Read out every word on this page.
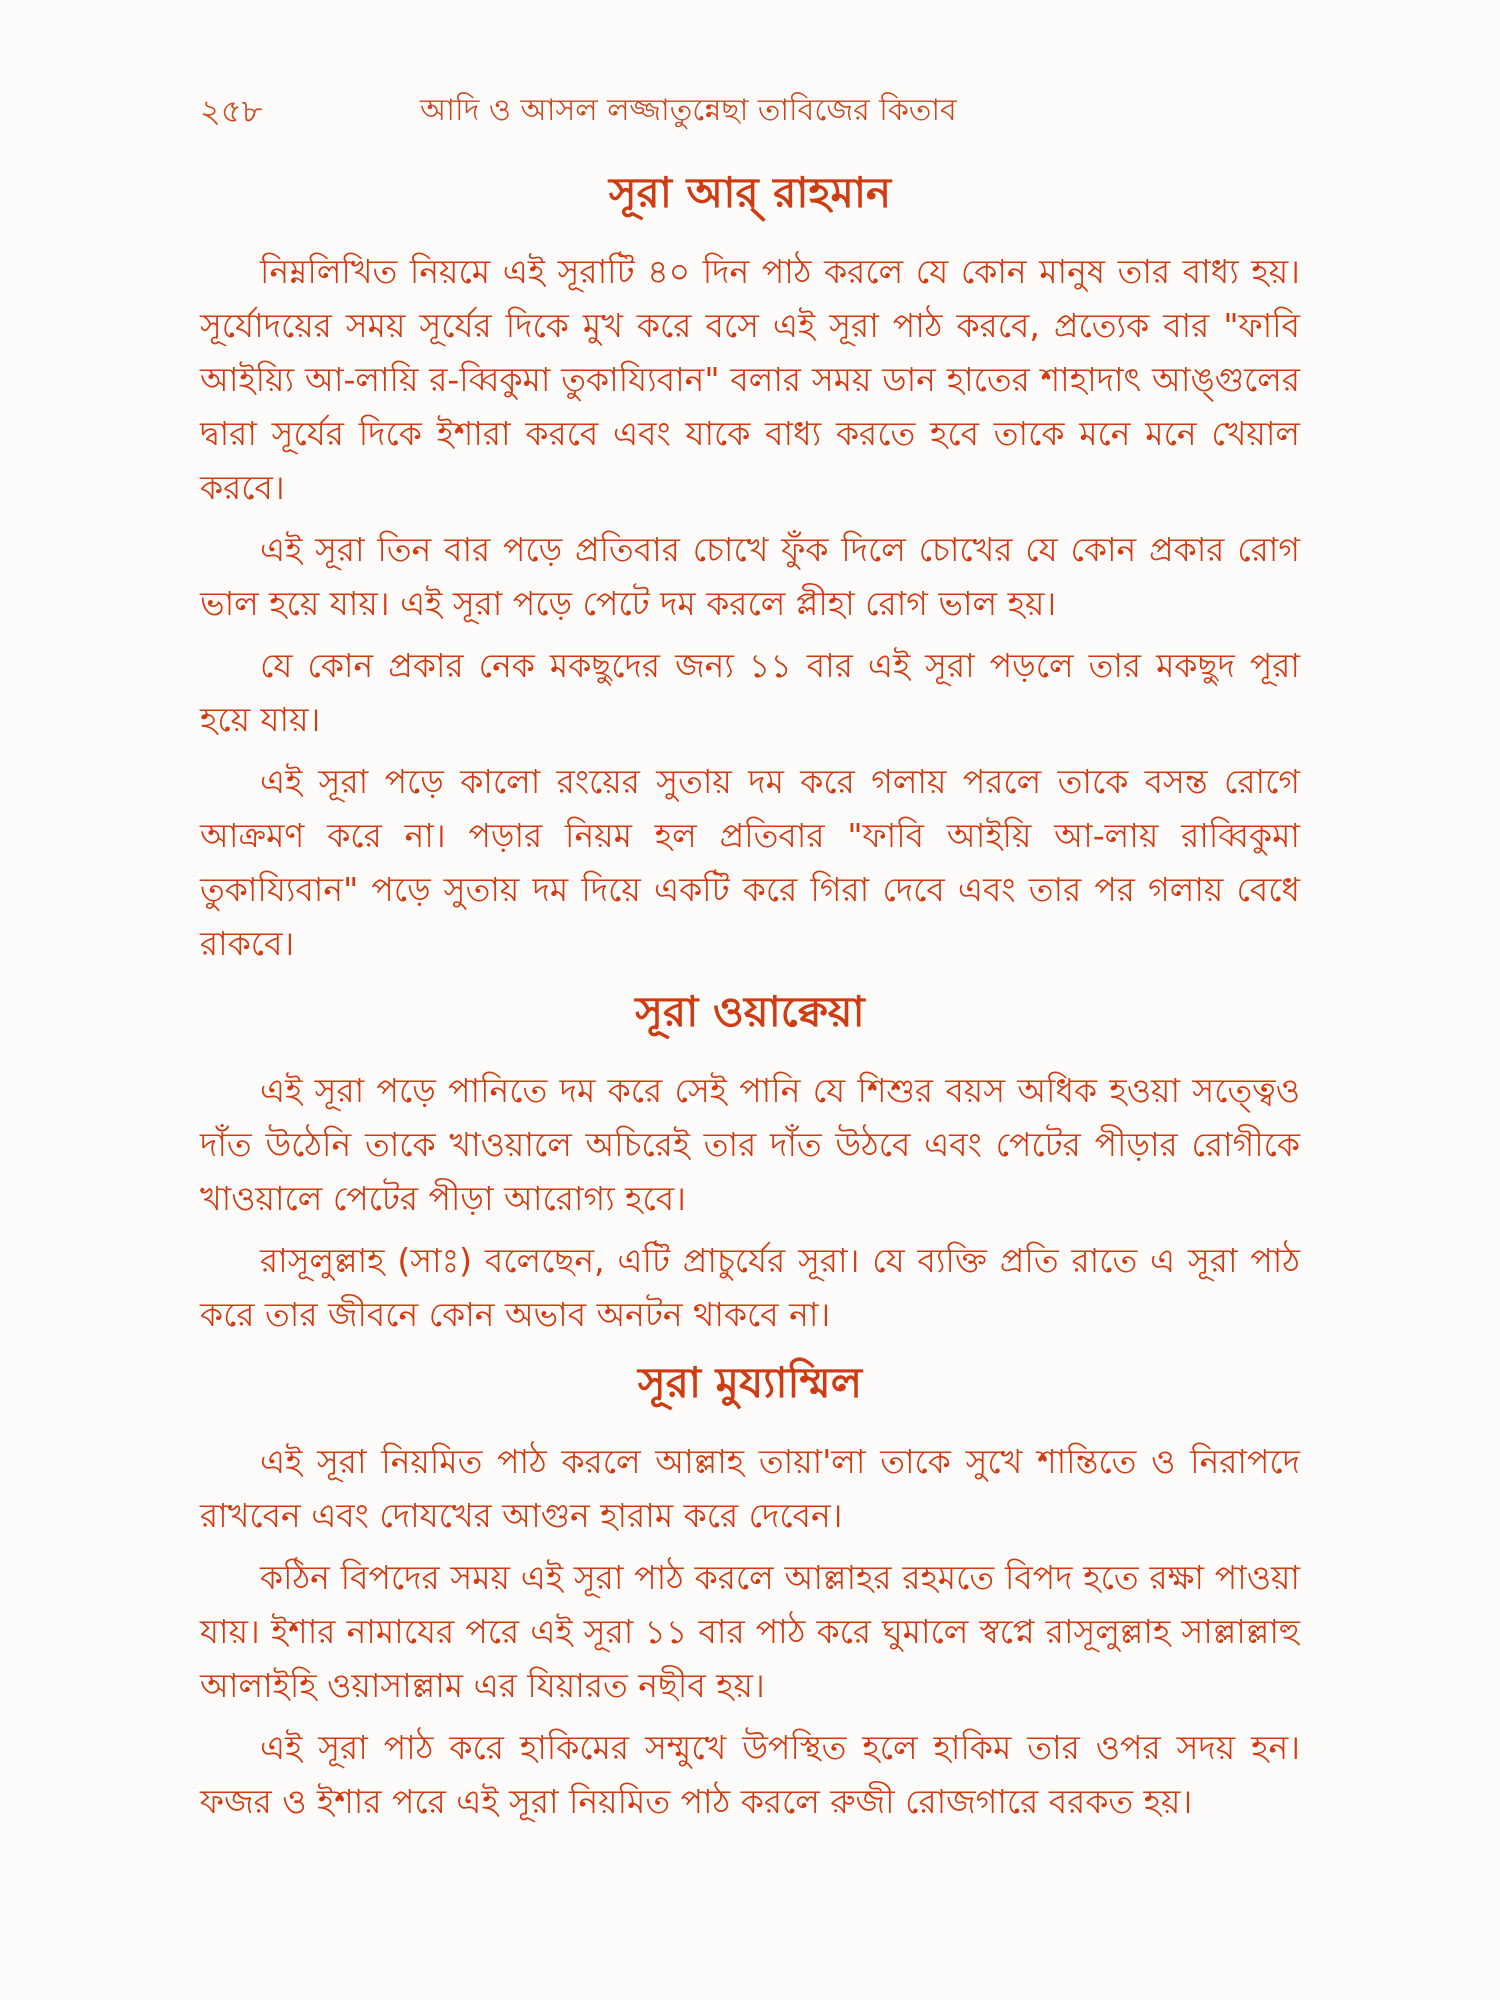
২৫৮	আদি ও আসল লজ্জাতুন্নেছা তাবিজের কিতাব
সূরা আর্ রাহমান

নিম্নলিখিত নিয়মে এই সূরাটি ৪০ দিন পাঠ করলে যে কোন মানুষ তার বাধ্য হয়। সূর্যোদয়ের সময় সূর্যের দিকে মুখ করে বসে এই সূরা পাঠ করবে, প্রত্যেক বার "ফাবি আইয়্যি আ-লায়ি র-ব্বিকুমা তুকায্যিবান" বলার সময় ডান হাতের শাহাদাৎ আঙ্গুলের দ্বারা সূর্যের দিকে ইশারা করবে এবং যাকে বাধ্য করতে হবে তাকে মনে মনে খেয়াল করবে।

এই সূরা তিন বার পড়ে প্রতিবার চোখে ফুঁক দিলে চোখের যে কোন প্রকার রোগ ভাল হয়ে যায়। এই সূরা পড়ে পেটে দম করলে প্লীহা রোগ ভাল হয়।

যে কোন প্রকার নেক মকছুদের জন্য ১১ বার এই সূরা পড়লে তার মকছুদ পূরা হয়ে যায়।

এই সূরা পড়ে কালো রংয়ের সুতায় দম করে গলায় পরলে তাকে বসন্ত রোগে আক্রমণ করে না। পড়ার নিয়ম হল প্রতিবার "ফাবি আইয়ি আ-লায় রাব্বিকুমা তুকায্যিবান" পড়ে সুতায় দম দিয়ে একটি করে গিরা দেবে এবং তার পর গলায় বেধে রাকবে।

সূরা ওয়াক্বেয়া

এই সূরা পড়ে পানিতে দম করে সেই পানি যে শিশুর বয়স অধিক হওয়া সত্ত্বেও দাঁত উঠেনি তাকে খাওয়ালে অচিরেই তার দাঁত উঠবে এবং পেটের পীড়ার রোগীকে খাওয়ালে পেটের পীড়া আরোগ্য হবে।

রাসূলুল্লাহ (সাঃ) বলেছেন, এটি প্রাচুর্যের সূরা। যে ব্যক্তি প্রতি রাতে এ সূরা পাঠ করে তার জীবনে কোন অভাব অনটন থাকবে না।

সূরা মুয্যাম্মিল

এই সূরা নিয়মিত পাঠ করলে আল্লাহ তায়া'লা তাকে সুখে শান্তিতে ও নিরাপদে রাখবেন এবং দোযখের আগুন হারাম করে দেবেন।

কঠিন বিপদের সময় এই সূরা পাঠ করলে আল্লাহর রহমতে বিপদ হতে রক্ষা পাওয়া যায়। ইশার নামাযের পরে এই সূরা ১১ বার পাঠ করে ঘুমালে স্বপ্নে রাসূলুল্লাহ সাল্লাল্লাহু আলাইহি ওয়াসাল্লাম এর যিয়ারত নছীব হয়।

এই সূরা পাঠ করে হাকিমের সম্মুখে উপস্থিত হলে হাকিম তার ওপর সদয় হন। ফজর ও ইশার পরে এই সূরা নিয়মিত পাঠ করলে রুজী রোজগারে বরকত হয়।
